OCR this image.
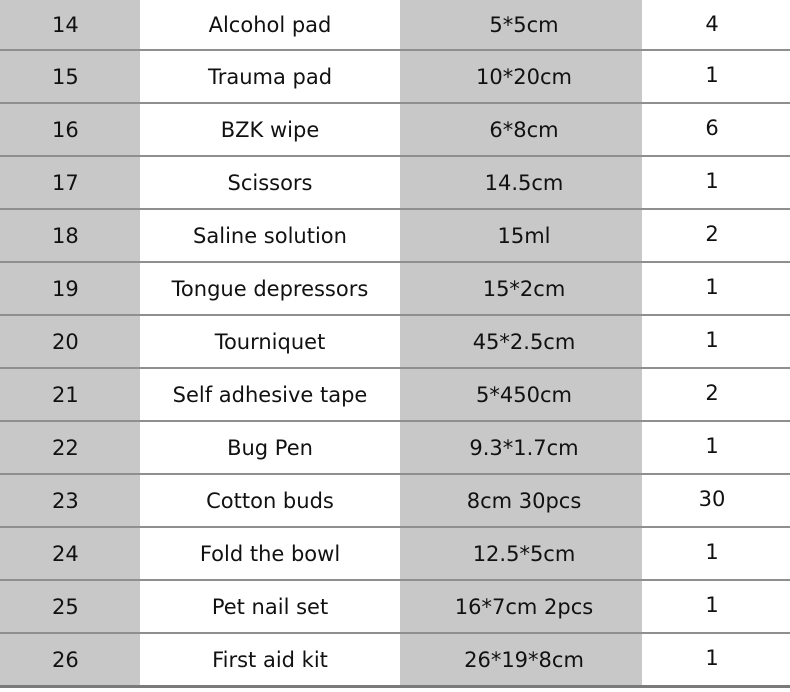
14	Alcohol pad	5*5cm	4
15	Trauma pad	10*20cm	1
16	BZK wipe	6*8cm	6
17	Scissors	14.5cm	1
18	Saline solution	15ml	2
19	Tongue depressors	15*2cm	1
20	Tourniquet	45*2.5cm	1
21	Self adhesive tape	5*450cm	2
22	Bug Pen	9.3*1.7cm	1
23	Cotton buds	8cm 30pcs	30
24	Fold the bowl	12.5*5cm	1
25	Pet nail set	16*7cm 2pcs	1
26	First aid kit	26*19*8cm	1
